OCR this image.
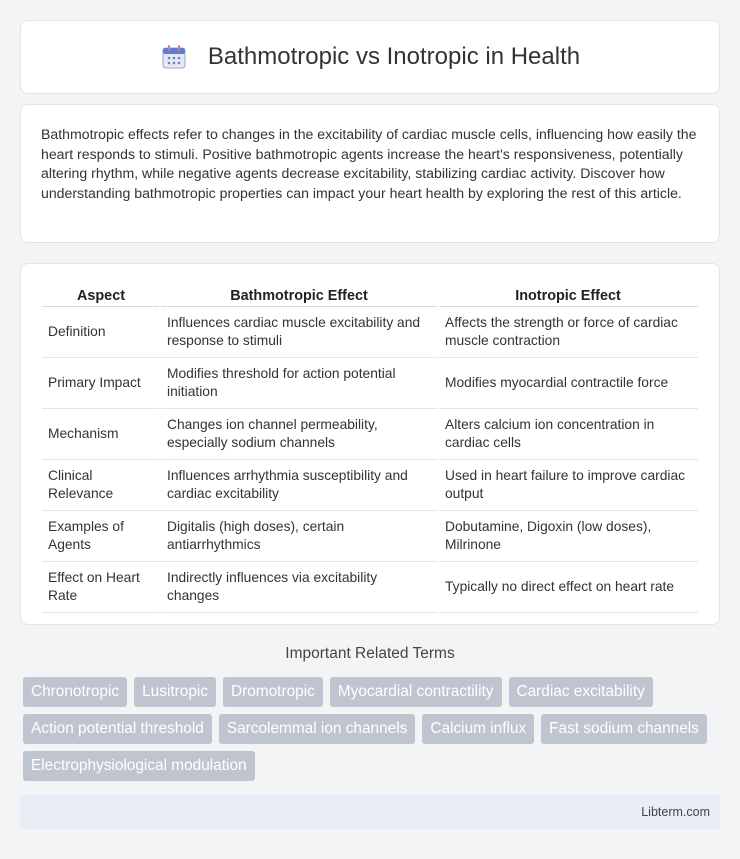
Bathmotropic vs Inotropic in Health

Bathmotropic effects refer to changes in the excitability of cardiac muscle cells, influencing how easily the heart responds to stimuli. Positive bathmotropic agents increase the heart's responsiveness, potentially altering rhythm, while negative agents decrease excitability, stabilizing cardiac activity. Discover how understanding bathmotropic properties can impact your heart health by exploring the rest of this article.

Aspect	Bathmotropic Effect	Inotropic Effect
Definition	Influences cardiac muscle excitability and response to stimuli	Affects the strength or force of cardiac muscle contraction
Primary Impact	Modifies threshold for action potential initiation	Modifies myocardial contractile force
Mechanism	Changes ion channel permeability, especially sodium channels	Alters calcium ion concentration in cardiac cells
Clinical Relevance	Influences arrhythmia susceptibility and cardiac excitability	Used in heart failure to improve cardiac output
Examples of Agents	Digitalis (high doses), certain antiarrhythmics	Dobutamine, Digoxin (low doses), Milrinone
Effect on Heart Rate	Indirectly influences via excitability changes	Typically no direct effect on heart rate
Important Related Terms
Chronotropic	Lusitropic	Dromotropic	Myocardial contractility	Cardiac excitability
Action potential threshold	Sarcolemmal ion channels	Calcium influx	Fast sodium channels
Electrophysiological modulation
Libterm.com
